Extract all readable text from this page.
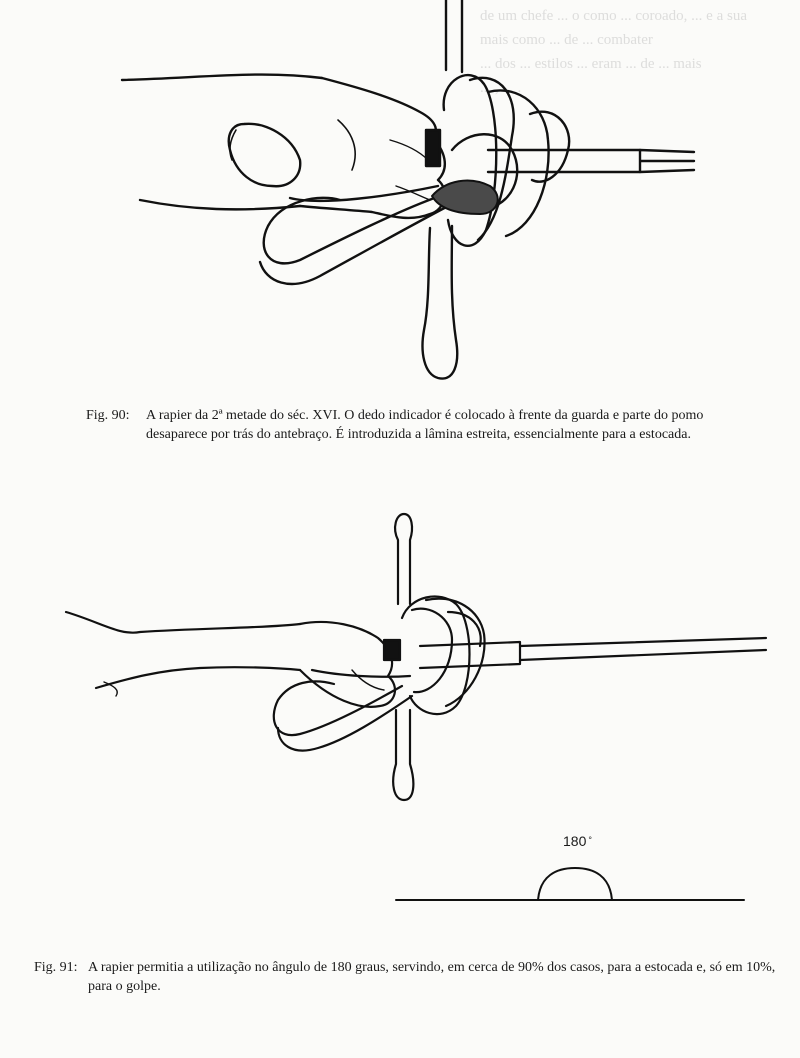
de um chefe ... o como ... coroado, ... e a sua
mais como ... de ... combater
... dos ... estilos ... eram ... de ... mais
... , ... .
Fig. 90: A rapier da 2ª metade do séc. XVI. O dedo indicador é colocado à frente da guarda e parte do pomo desaparece por trás do antebraço. É introduzida a lâmina estreita, essencialmente para a estocada.
180 °
Fig. 91: A rapier permitia a utilização no ângulo de 180 graus, servindo, em cerca de 90% dos casos, para a estocada e, só em 10%, para o golpe.
